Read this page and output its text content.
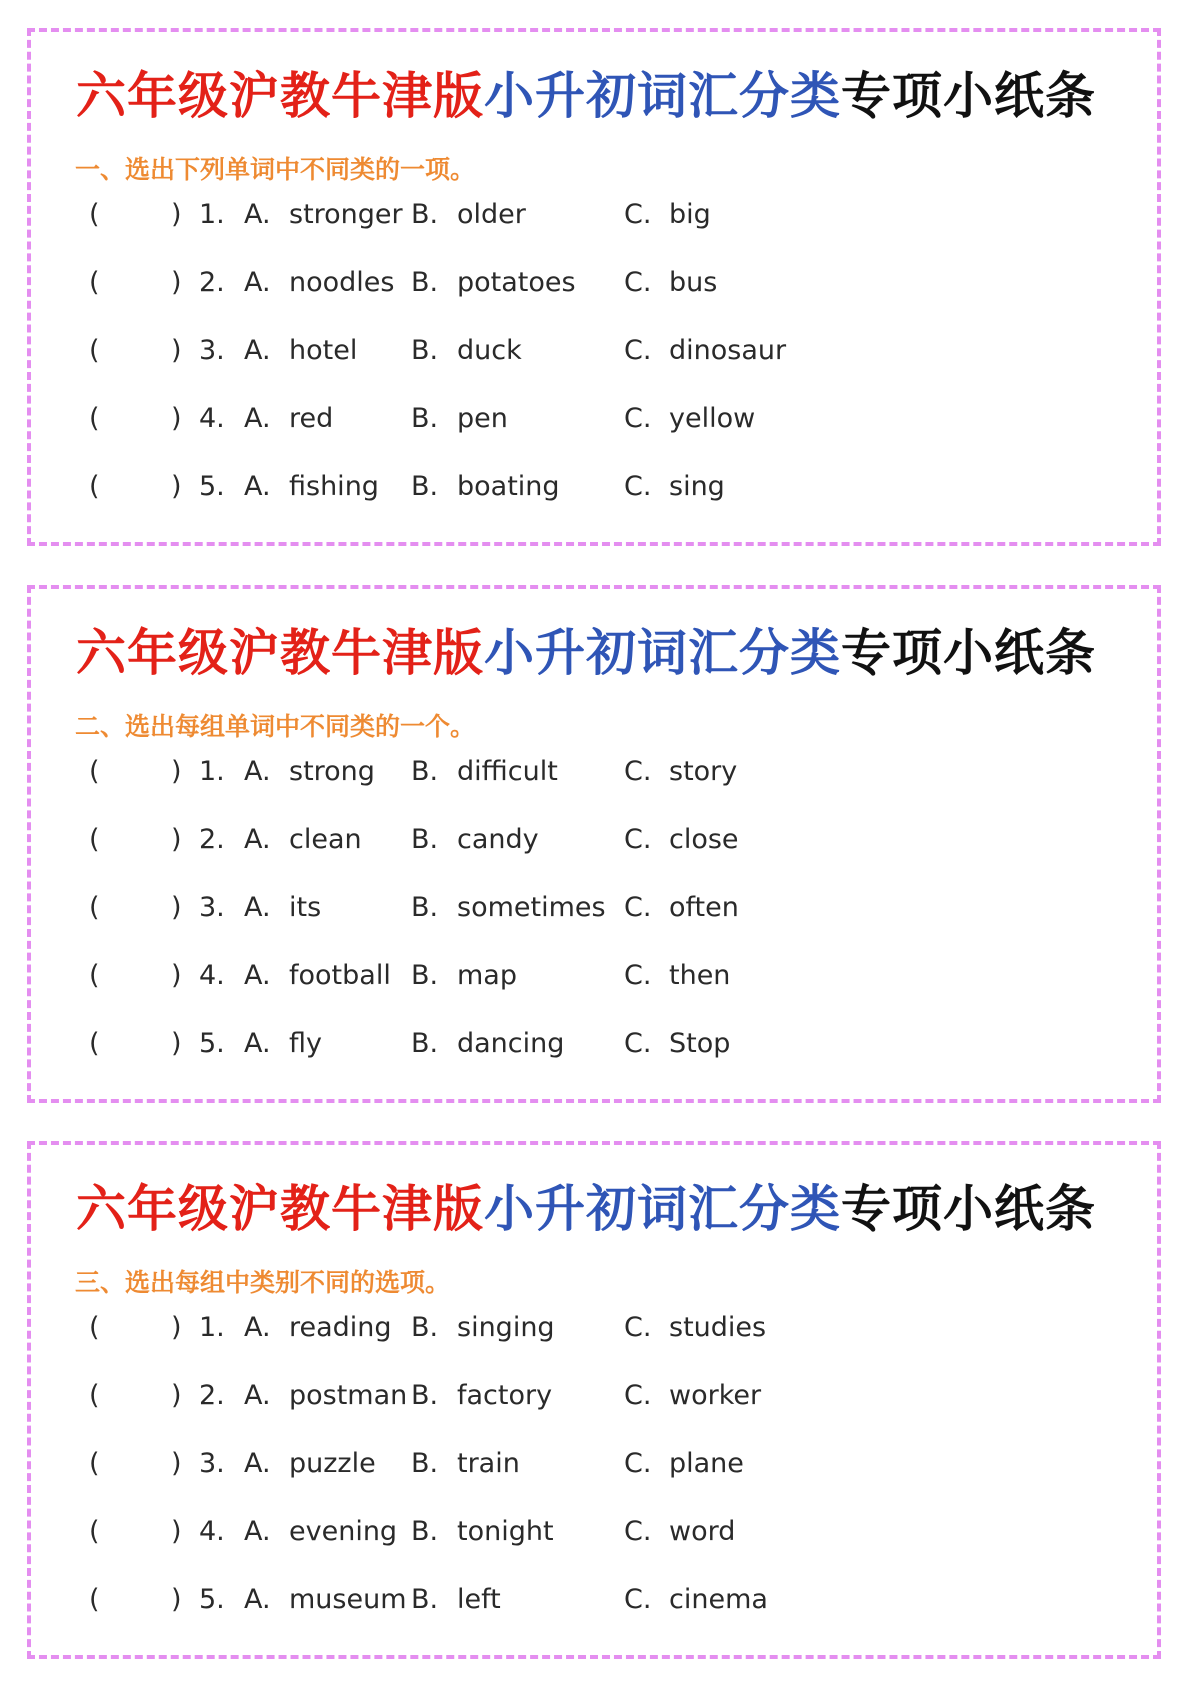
六年级沪教牛津版小升初词汇分类专项小纸条
一、选出下列单词中不同类的一项。
(	) 1. A. stronger B. older	C. big
(	) 2. A. noodles B. potatoes C. bus
(	) 3. A. hotel B. duck	C. dinosaur
(	) 4. A. red	B. pen	C. yellow
(	) 5. A. fishing B. boating C. sing
六年级沪教牛津版小升初词汇分类专项小纸条
二、选出每组单词中不同类的一个。
(	) 1. A. strong B. difficult C. story
(	) 2. A. clean B. candy	C. close
(	) 3. A. its	B. sometimes C. often
(	) 4. A. football B. map	C. then
(	) 5. A. fly	B. dancing C. Stop
六年级沪教牛津版小升初词汇分类专项小纸条
三、选出每组中类别不同的选项。
(	) 1. A. reading B. singing	C. studies
(	) 2. A. postman B. factory	C. worker
(	) 3. A. puzzle B. train	C. plane
(	) 4. A. evening B. tonight	C. word
(	) 5. A. museum B. left	C. cinema
